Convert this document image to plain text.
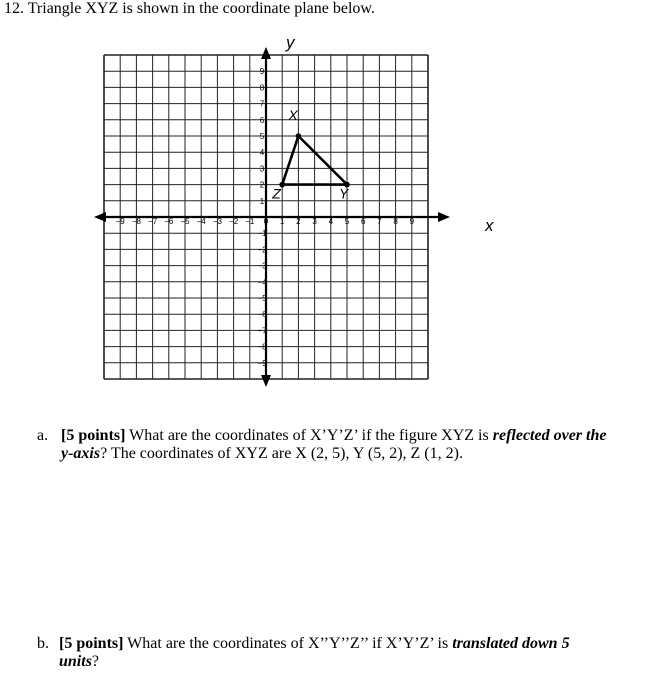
12. Triangle XYZ is shown in the coordinate plane below.
−9 −8 −7 −6 −5 −4 −3 −2 −1 0 1 2 3 4 5 6 7 8 9
9
8
7
6
5
4
3
2
1
−1
−2
−3
−4
−5
−6
−7
−8
−9
X
Y
Z
x
y
a. [5 points] What are the coordinates of X’Y’Z’ if the figure XYZ is reflected over the y-axis? The coordinates of XYZ are X (2, 5), Y (5, 2), Z (1, 2).
b. [5 points] What are the coordinates of X’’Y’’Z’’ if X’Y’Z’ is translated down 5 units?
